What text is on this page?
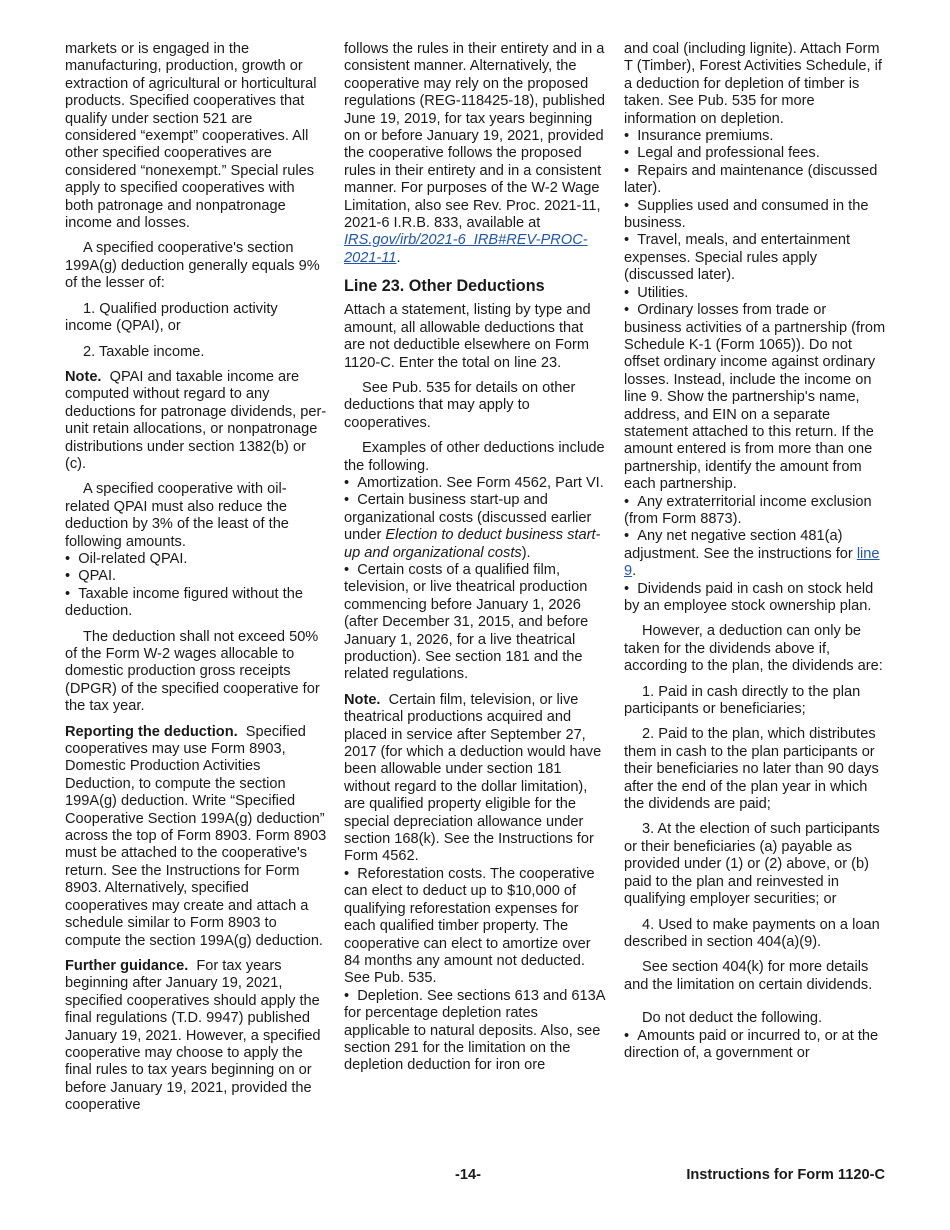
markets or is engaged in the manufacturing, production, growth or extraction of agricultural or horticultural products. Specified cooperatives that qualify under section 521 are considered “exempt” cooperatives. All other specified cooperatives are considered “nonexempt.” Special rules apply to specified cooperatives with both patronage and nonpatronage income and losses.

A specified cooperative's section 199A(g) deduction generally equals 9% of the lesser of:

1. Qualified production activity income (QPAI), or

2. Taxable income.

Note. QPAI and taxable income are computed without regard to any deductions for patronage dividends, per-unit retain allocations, or nonpatronage distributions under section 1382(b) or (c).

A specified cooperative with oil-related QPAI must also reduce the deduction by 3% of the least of the following amounts.

•  Oil-related QPAI.
•  QPAI.
•  Taxable income figured without the deduction.

The deduction shall not exceed 50% of the Form W-2 wages allocable to domestic production gross receipts (DPGR) of the specified cooperative for the tax year.

Reporting the deduction. Specified cooperatives may use Form 8903, Domestic Production Activities Deduction, to compute the section 199A(g) deduction. Write “Specified Cooperative Section 199A(g) deduction” across the top of Form 8903. Form 8903 must be attached to the cooperative's return. See the Instructions for Form 8903. Alternatively, specified cooperatives may create and attach a schedule similar to Form 8903 to compute the section 199A(g) deduction.

Further guidance. For tax years beginning after January 19, 2021, specified cooperatives should apply the final regulations (T.D. 9947) published January 19, 2021. However, a specified cooperative may choose to apply the final rules to tax years beginning on or before January 19, 2021, provided the cooperative

follows the rules in their entirety and in a consistent manner. Alternatively, the cooperative may rely on the proposed regulations (REG-118425-18), published June 19, 2019, for tax years beginning on or before January 19, 2021, provided the cooperative follows the proposed rules in their entirety and in a consistent manner. For purposes of the W-2 Wage Limitation, also see Rev. Proc. 2021-11, 2021-6 I.R.B. 833, available at IRS.gov/irb/2021-6_IRB#REV-PROC-2021-11.

Line 23. Other Deductions

Attach a statement, listing by type and amount, all allowable deductions that are not deductible elsewhere on Form 1120-C. Enter the total on line 23.

See Pub. 535 for details on other deductions that may apply to cooperatives.

Examples of other deductions include the following.

•  Amortization. See Form 4562, Part VI.
•  Certain business start-up and organizational costs (discussed earlier under Election to deduct business start-up and organizational costs).
•  Certain costs of a qualified film, television, or live theatrical production commencing before January 1, 2026 (after December 31, 2015, and before January 1, 2026, for a live theatrical production). See section 181 and the related regulations.

Note. Certain film, television, or live theatrical productions acquired and placed in service after September 27, 2017 (for which a deduction would have been allowable under section 181 without regard to the dollar limitation), are qualified property eligible for the special depreciation allowance under section 168(k). See the Instructions for Form 4562.

•  Reforestation costs. The cooperative can elect to deduct up to $10,000 of qualifying reforestation expenses for each qualified timber property. The cooperative can elect to amortize over 84 months any amount not deducted. See Pub. 535.
•  Depletion. See sections 613 and 613A for percentage depletion rates applicable to natural deposits. Also, see section 291 for the limitation on the depletion deduction for iron ore

and coal (including lignite). Attach Form T (Timber), Forest Activities Schedule, if a deduction for depletion of timber is taken. See Pub. 535 for more information on depletion.

•  Insurance premiums.
•  Legal and professional fees.
•  Repairs and maintenance (discussed later).
•  Supplies used and consumed in the business.
•  Travel, meals, and entertainment expenses. Special rules apply (discussed later).
•  Utilities.
•  Ordinary losses from trade or business activities of a partnership (from Schedule K-1 (Form 1065)). Do not offset ordinary income against ordinary losses. Instead, include the income on line 9. Show the partnership's name, address, and EIN on a separate statement attached to this return. If the amount entered is from more than one partnership, identify the amount from each partnership.
•  Any extraterritorial income exclusion (from Form 8873).
•  Any net negative section 481(a) adjustment. See the instructions for line 9.
•  Dividends paid in cash on stock held by an employee stock ownership plan.

However, a deduction can only be taken for the dividends above if, according to the plan, the dividends are:

1. Paid in cash directly to the plan participants or beneficiaries;

2. Paid to the plan, which distributes them in cash to the plan participants or their beneficiaries no later than 90 days after the end of the plan year in which the dividends are paid;

3. At the election of such participants or their beneficiaries (a) payable as provided under (1) or (2) above, or (b) paid to the plan and reinvested in qualifying employer securities; or

4. Used to make payments on a loan described in section 404(a)(9).

See section 404(k) for more details and the limitation on certain dividends.

Do not deduct the following.

•  Amounts paid or incurred to, or at the direction of, a government or
-14-	Instructions for Form 1120-C
